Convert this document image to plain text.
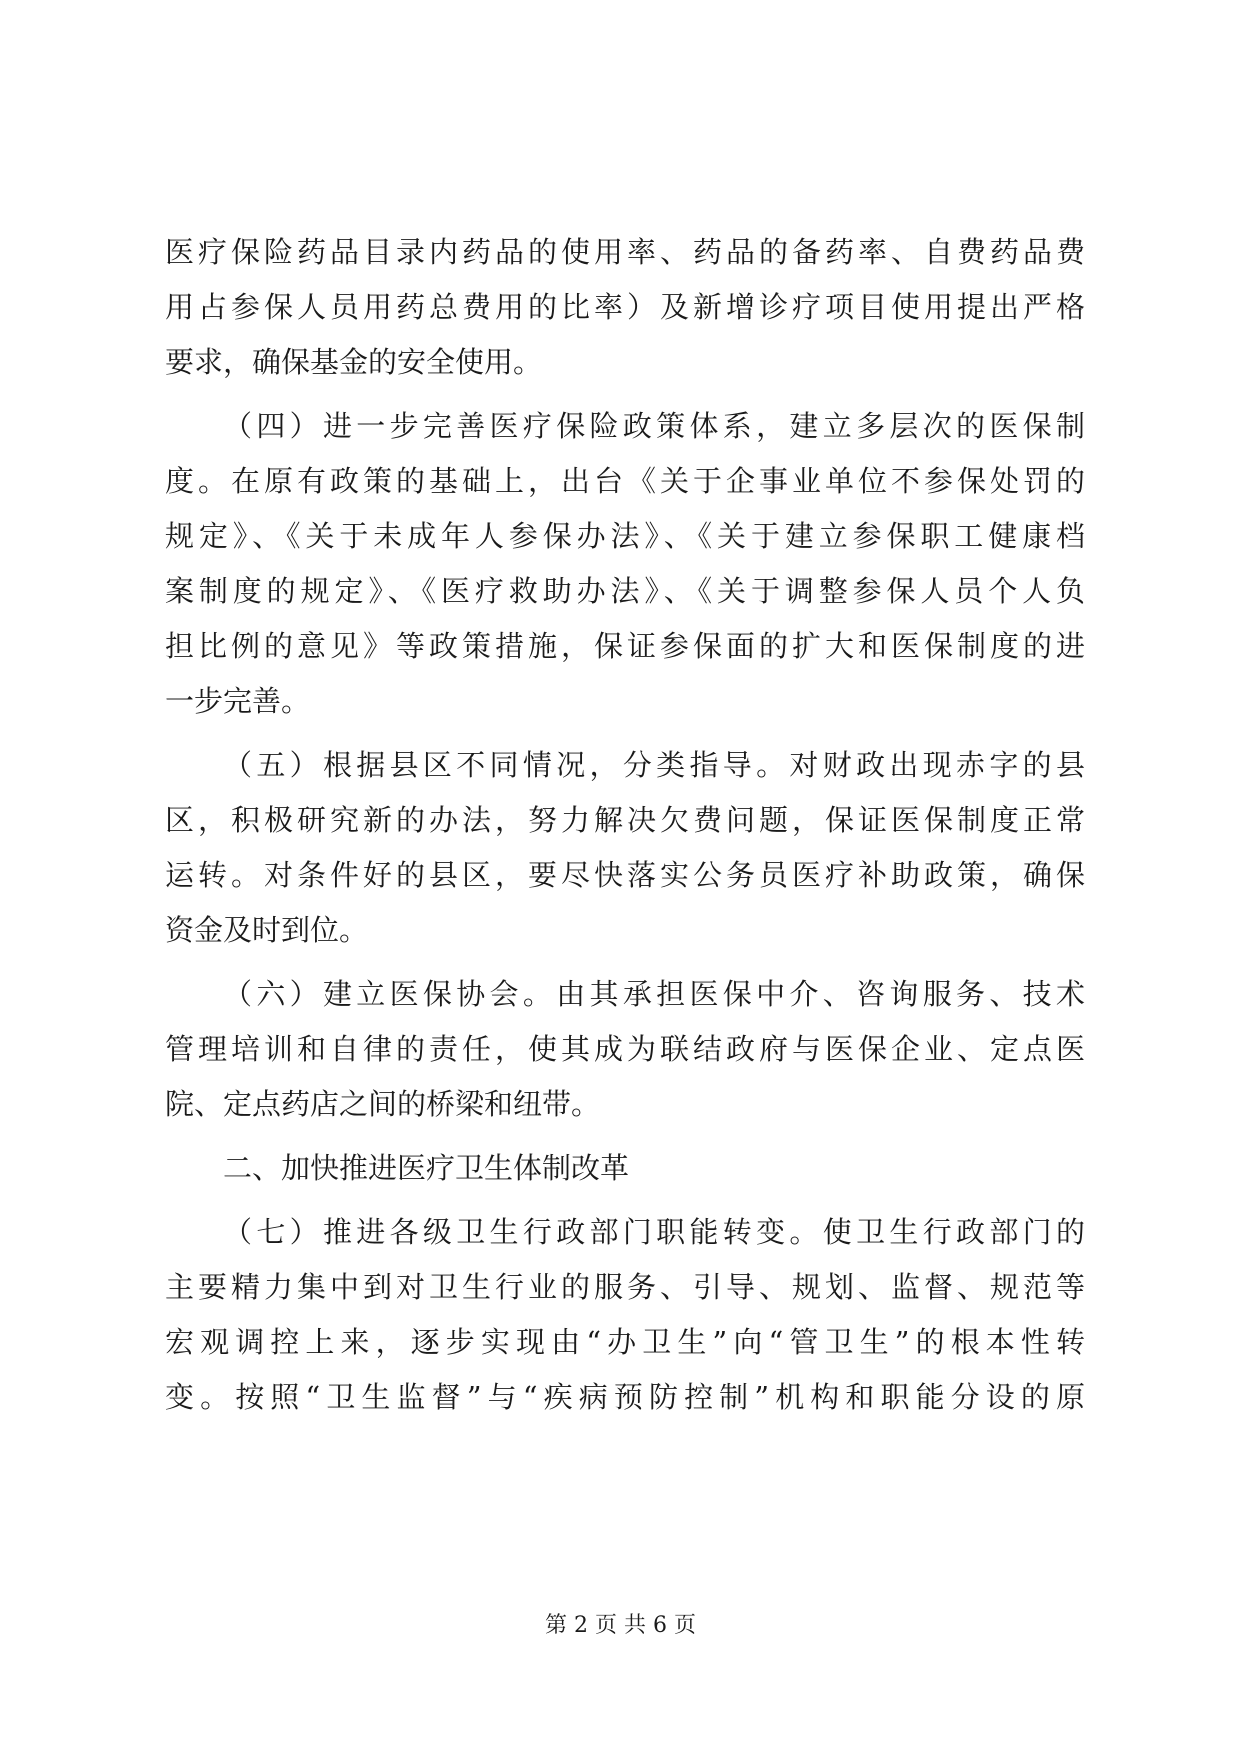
医疗保险药品目录内药品的使用率、药品的备药率、自费药品费
用占参保人员用药总费用的比率）及新增诊疗项目使用提出严格
要求，确保基金的安全使用。
（四）进一步完善医疗保险政策体系，建立多层次的医保制
度。在原有政策的基础上，出台《关于企事业单位不参保处罚的
规定》、《关于未成年人参保办法》、《关于建立参保职工健康档
案制度的规定》、《医疗救助办法》、《关于调整参保人员个人负
担比例的意见》等政策措施，保证参保面的扩大和医保制度的进
一步完善。
（五）根据县区不同情况，分类指导。对财政出现赤字的县
区，积极研究新的办法，努力解决欠费问题，保证医保制度正常
运转。对条件好的县区，要尽快落实公务员医疗补助政策，确保
资金及时到位。
（六）建立医保协会。由其承担医保中介、咨询服务、技术
管理培训和自律的责任，使其成为联结政府与医保企业、定点医
院、定点药店之间的桥梁和纽带。
二、加快推进医疗卫生体制改革
（七）推进各级卫生行政部门职能转变。使卫生行政部门的
主要精力集中到对卫生行业的服务、引导、规划、监督、规范等
宏观调控上来，逐步实现由“办卫生”向“管卫生”的根本性转
变。按照“卫生监督”与“疾病预防控制”机构和职能分设的原
第 2 页 共 6 页
